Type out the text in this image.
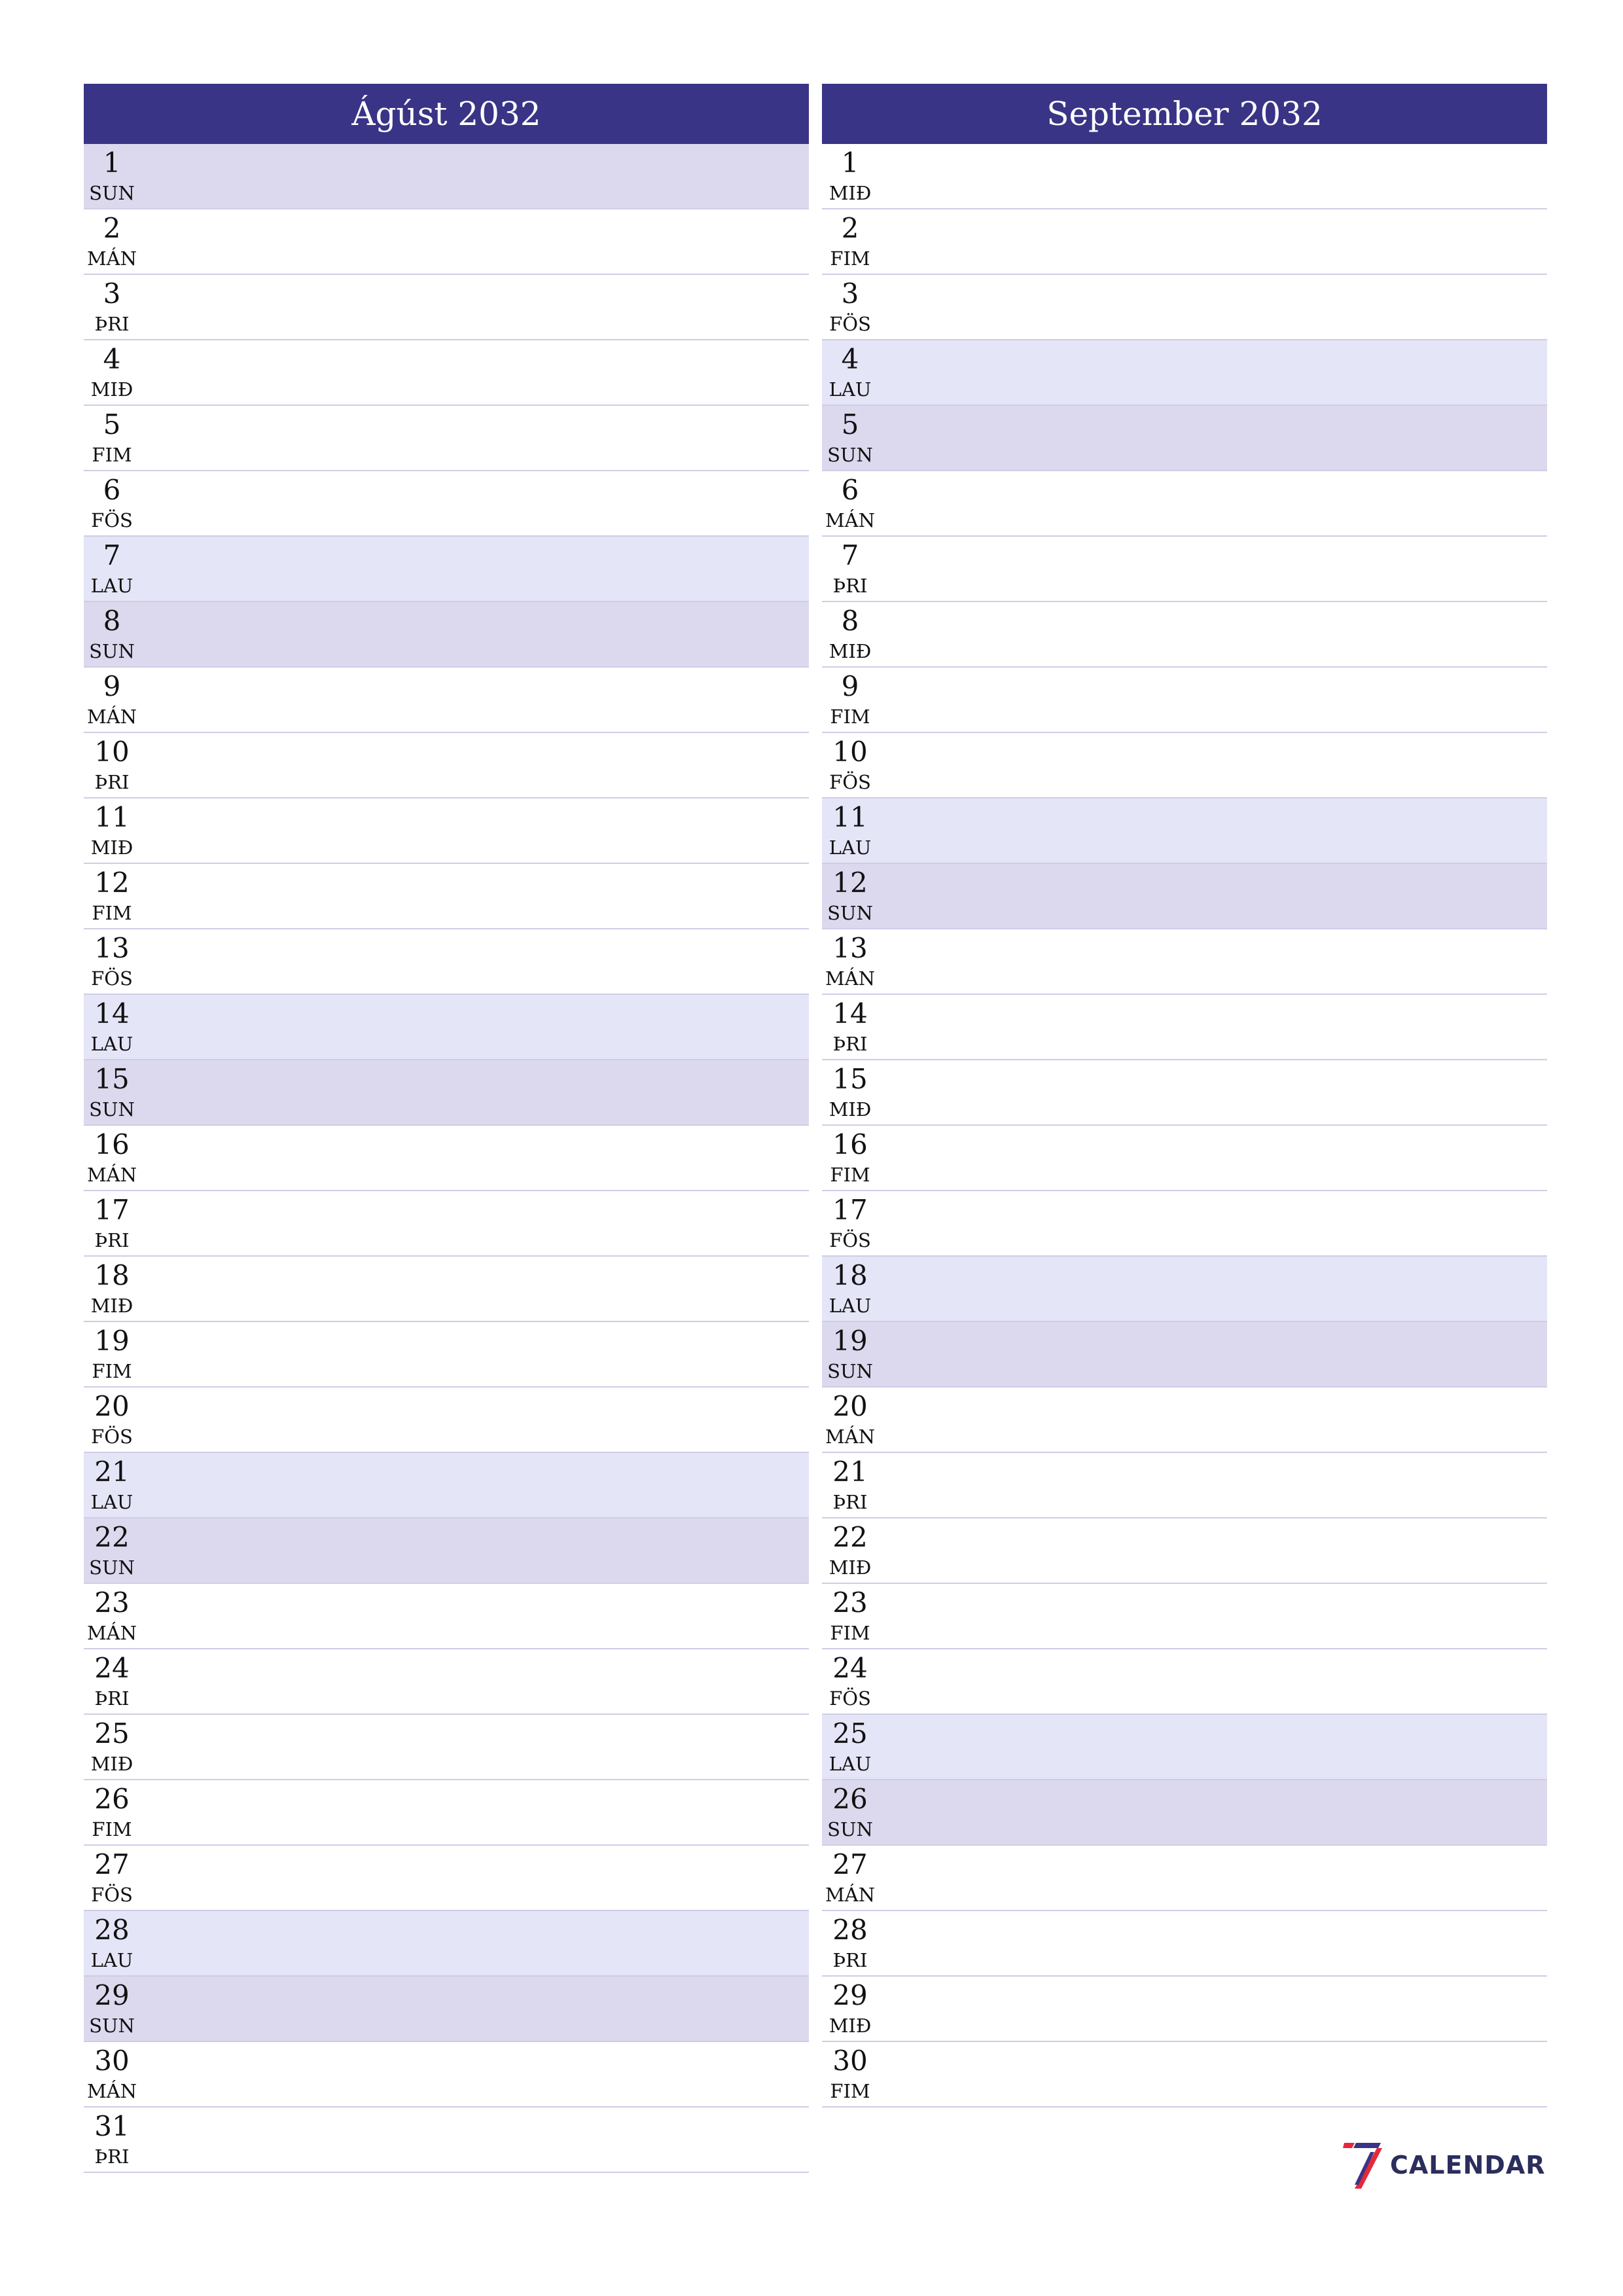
Ágúst 2032
1
SUN
2
MÁN
3
ÞRI
4
MIÐ
5
FIM
6
FÖS
7
LAU
8
SUN
9
MÁN
10
ÞRI
11
MIÐ
12
FIM
13
FÖS
14
LAU
15
SUN
16
MÁN
17
ÞRI
18
MIÐ
19
FIM
20
FÖS
21
LAU
22
SUN
23
MÁN
24
ÞRI
25
MIÐ
26
FIM
27
FÖS
28
LAU
29
SUN
30
MÁN
31
ÞRI
September 2032
1
MIÐ
2
FIM
3
FÖS
4
LAU
5
SUN
6
MÁN
7
ÞRI
8
MIÐ
9
FIM
10
FÖS
11
LAU
12
SUN
13
MÁN
14
ÞRI
15
MIÐ
16
FIM
17
FÖS
18
LAU
19
SUN
20
MÁN
21
ÞRI
22
MIÐ
23
FIM
24
FÖS
25
LAU
26
SUN
27
MÁN
28
ÞRI
29
MIÐ
30
FIM
CALENDAR
